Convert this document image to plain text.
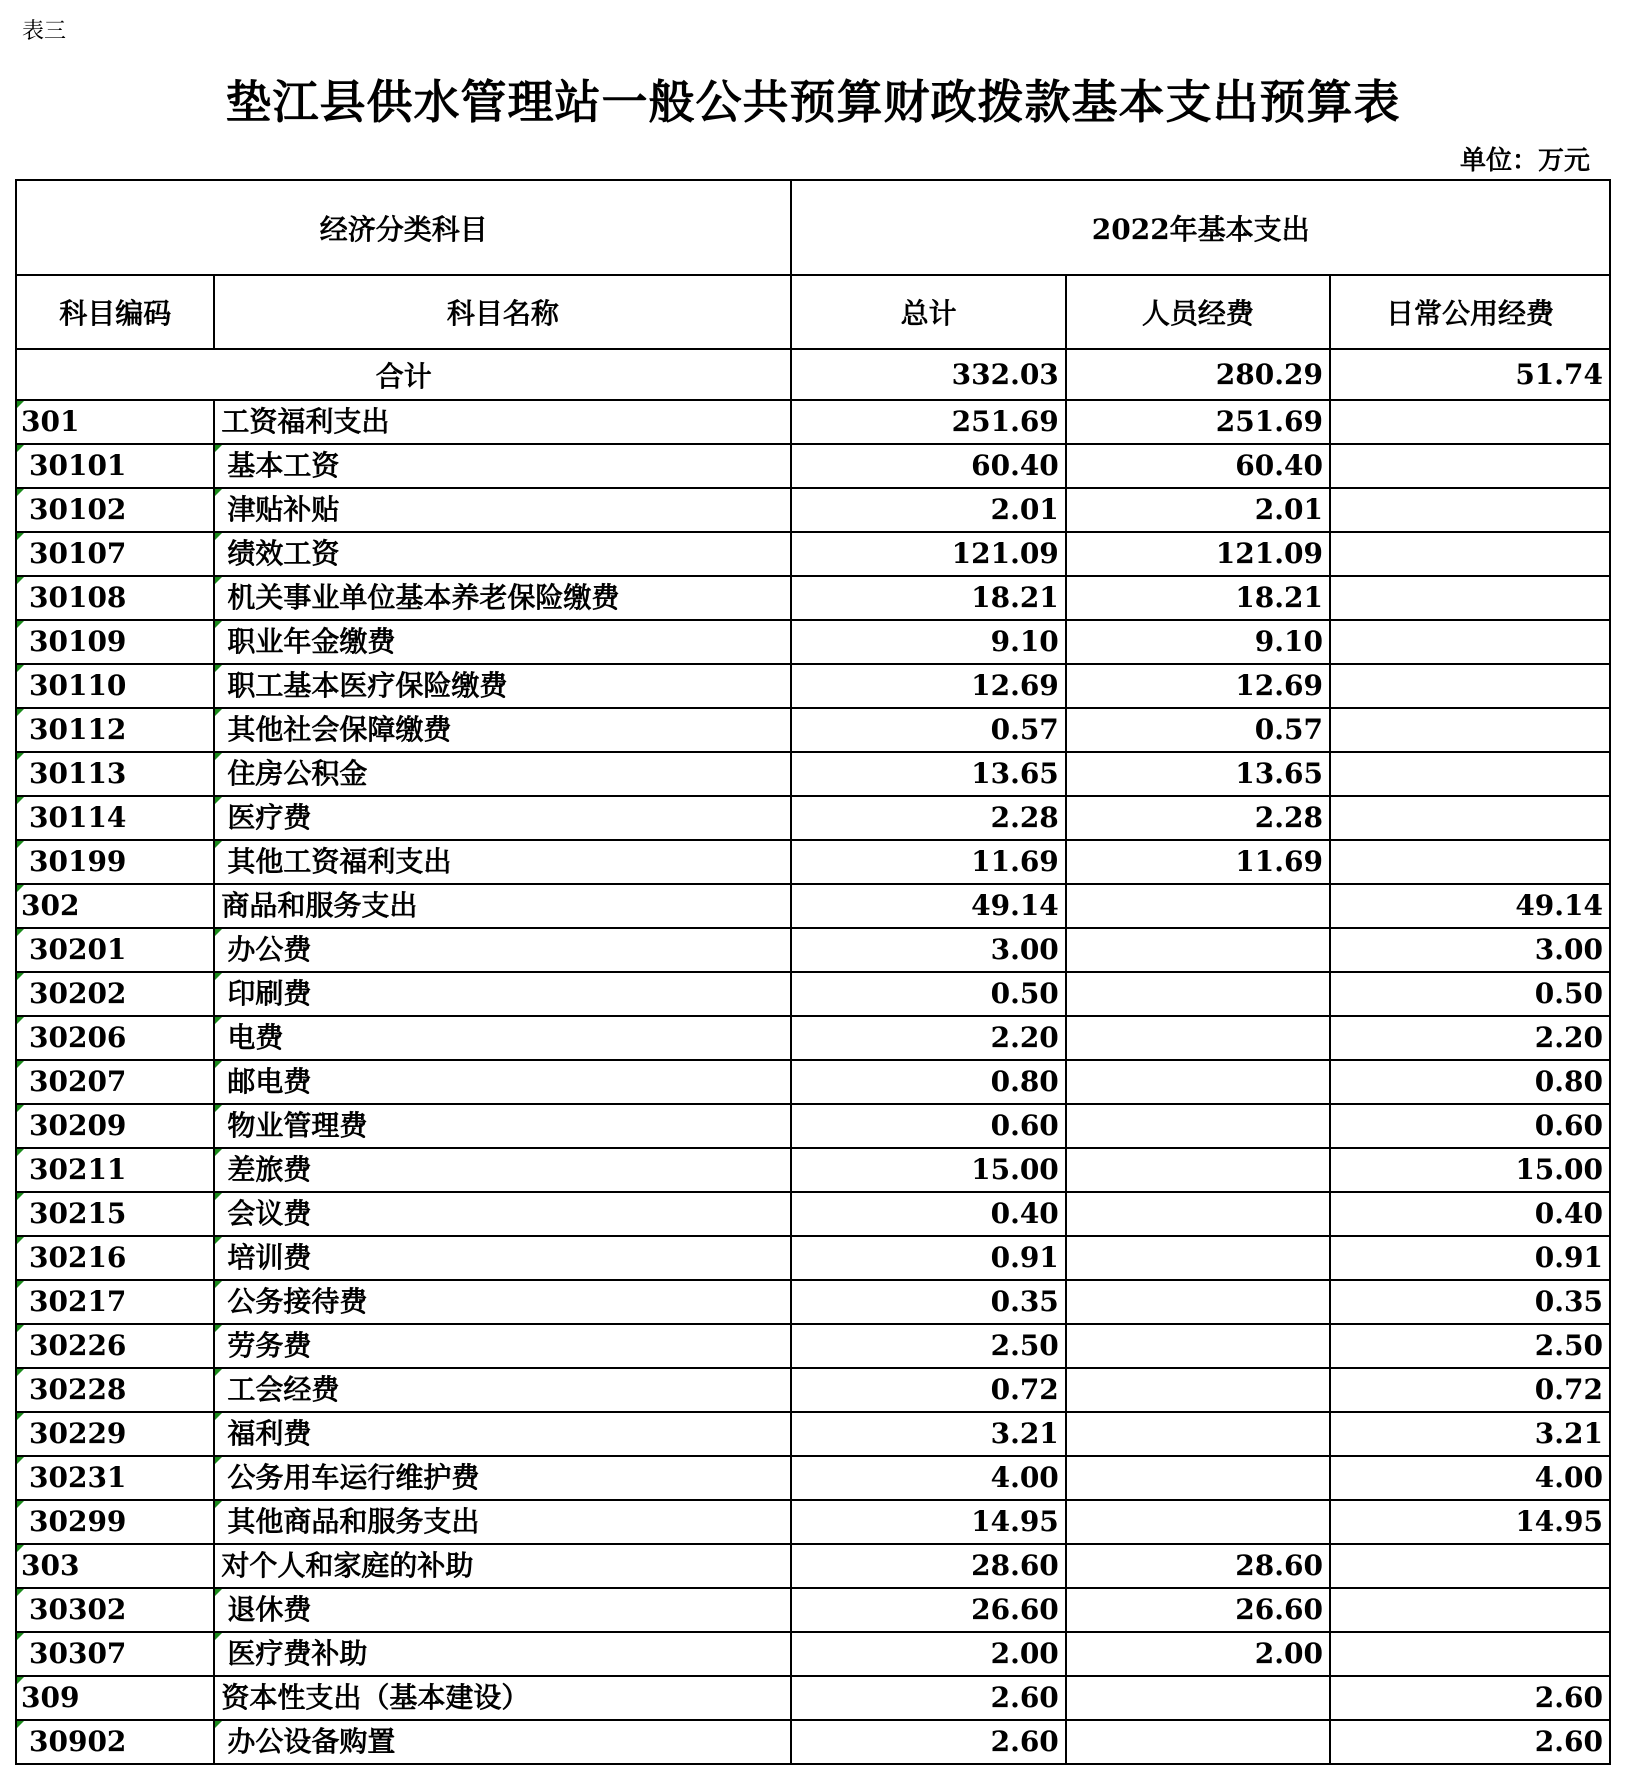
表三
垫江县供水管理站一般公共预算财政拨款基本支出预算表
单位：万元
经济分类科目		2022年基本支出		
科目编码	科目名称	总计	人员经费	日常公用经费
合计		332.03	280.29	51.74
301	工资福利支出	251.69	251.69	
30101	基本工资	60.40	60.40	
30102	津贴补贴	2.01	2.01	
30107	绩效工资	121.09	121.09	
30108	机关事业单位基本养老保险缴费	18.21	18.21	
30109	职业年金缴费	9.10	9.10	
30110	职工基本医疗保险缴费	12.69	12.69	
30112	其他社会保障缴费	0.57	0.57	
30113	住房公积金	13.65	13.65	
30114	医疗费	2.28	2.28	
30199	其他工资福利支出	11.69	11.69	
302	商品和服务支出	49.14		49.14
30201	办公费	3.00		3.00
30202	印刷费	0.50		0.50
30206	电费	2.20		2.20
30207	邮电费	0.80		0.80
30209	物业管理费	0.60		0.60
30211	差旅费	15.00		15.00
30215	会议费	0.40		0.40
30216	培训费	0.91		0.91
30217	公务接待费	0.35		0.35
30226	劳务费	2.50		2.50
30228	工会经费	0.72		0.72
30229	福利费	3.21		3.21
30231	公务用车运行维护费	4.00		4.00
30299	其他商品和服务支出	14.95		14.95
303	对个人和家庭的补助	28.60	28.60	
30302	退休费	26.60	26.60	
30307	医疗费补助	2.00	2.00	
309	资本性支出（基本建设）	2.60		2.60
30902	办公设备购置	2.60		2.60
